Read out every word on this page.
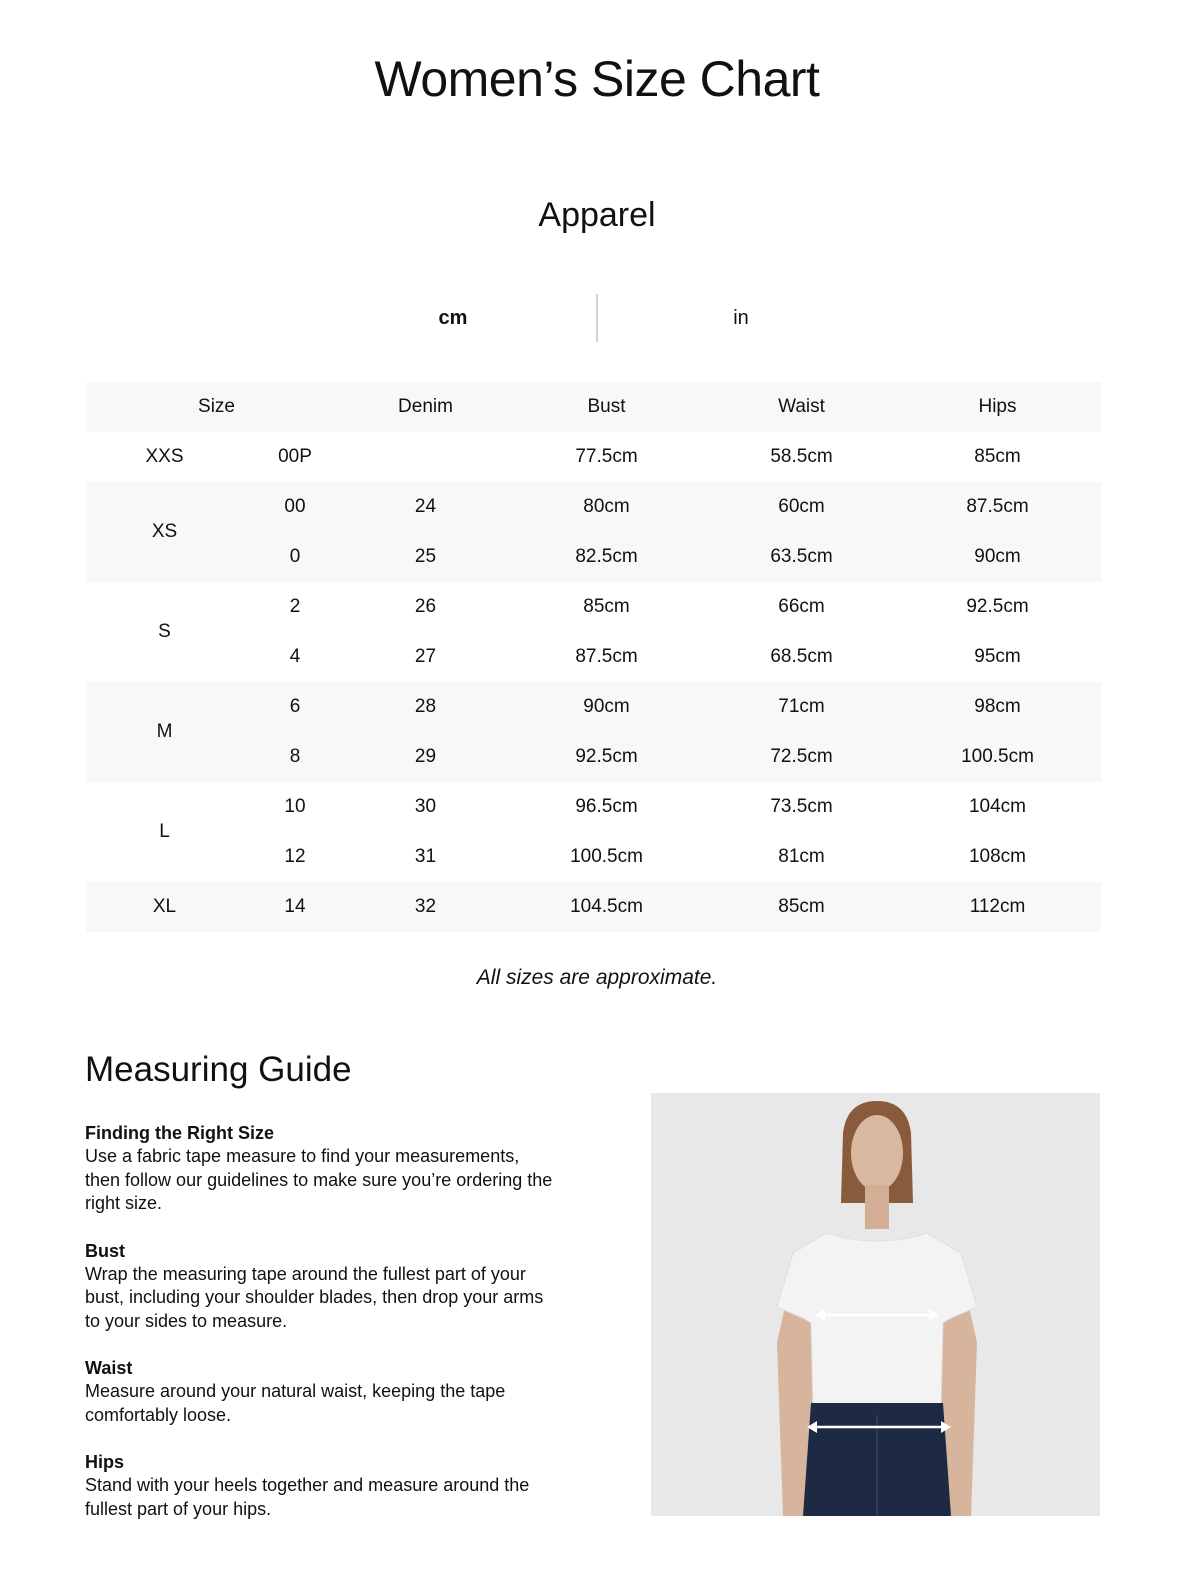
Women’s Size Chart
Apparel
cm	in
Size		Denim	Bust	Waist	Hips
XXS	00P		77.5cm	58.5cm	85cm
XS	00	24	80cm	60cm	87.5cm
	0	25	82.5cm	63.5cm	90cm
S	2	26	85cm	66cm	92.5cm
	4	27	87.5cm	68.5cm	95cm
M	6	28	90cm	71cm	98cm
	8	29	92.5cm	72.5cm	100.5cm
L	10	30	96.5cm	73.5cm	104cm
	12	31	100.5cm	81cm	108cm
XL	14	32	104.5cm	85cm	112cm

All sizes are approximate.

Measuring Guide

Finding the Right Size

Use a fabric tape measure to find your measurements, then follow our guidelines to make sure you’re ordering the right size.

Bust

Wrap the measuring tape around the fullest part of your bust, including your shoulder blades, then drop your arms to your sides to measure.

Waist

Measure around your natural waist, keeping the tape comfortably loose.

Hips

Stand with your heels together and measure around the fullest part of your hips.
